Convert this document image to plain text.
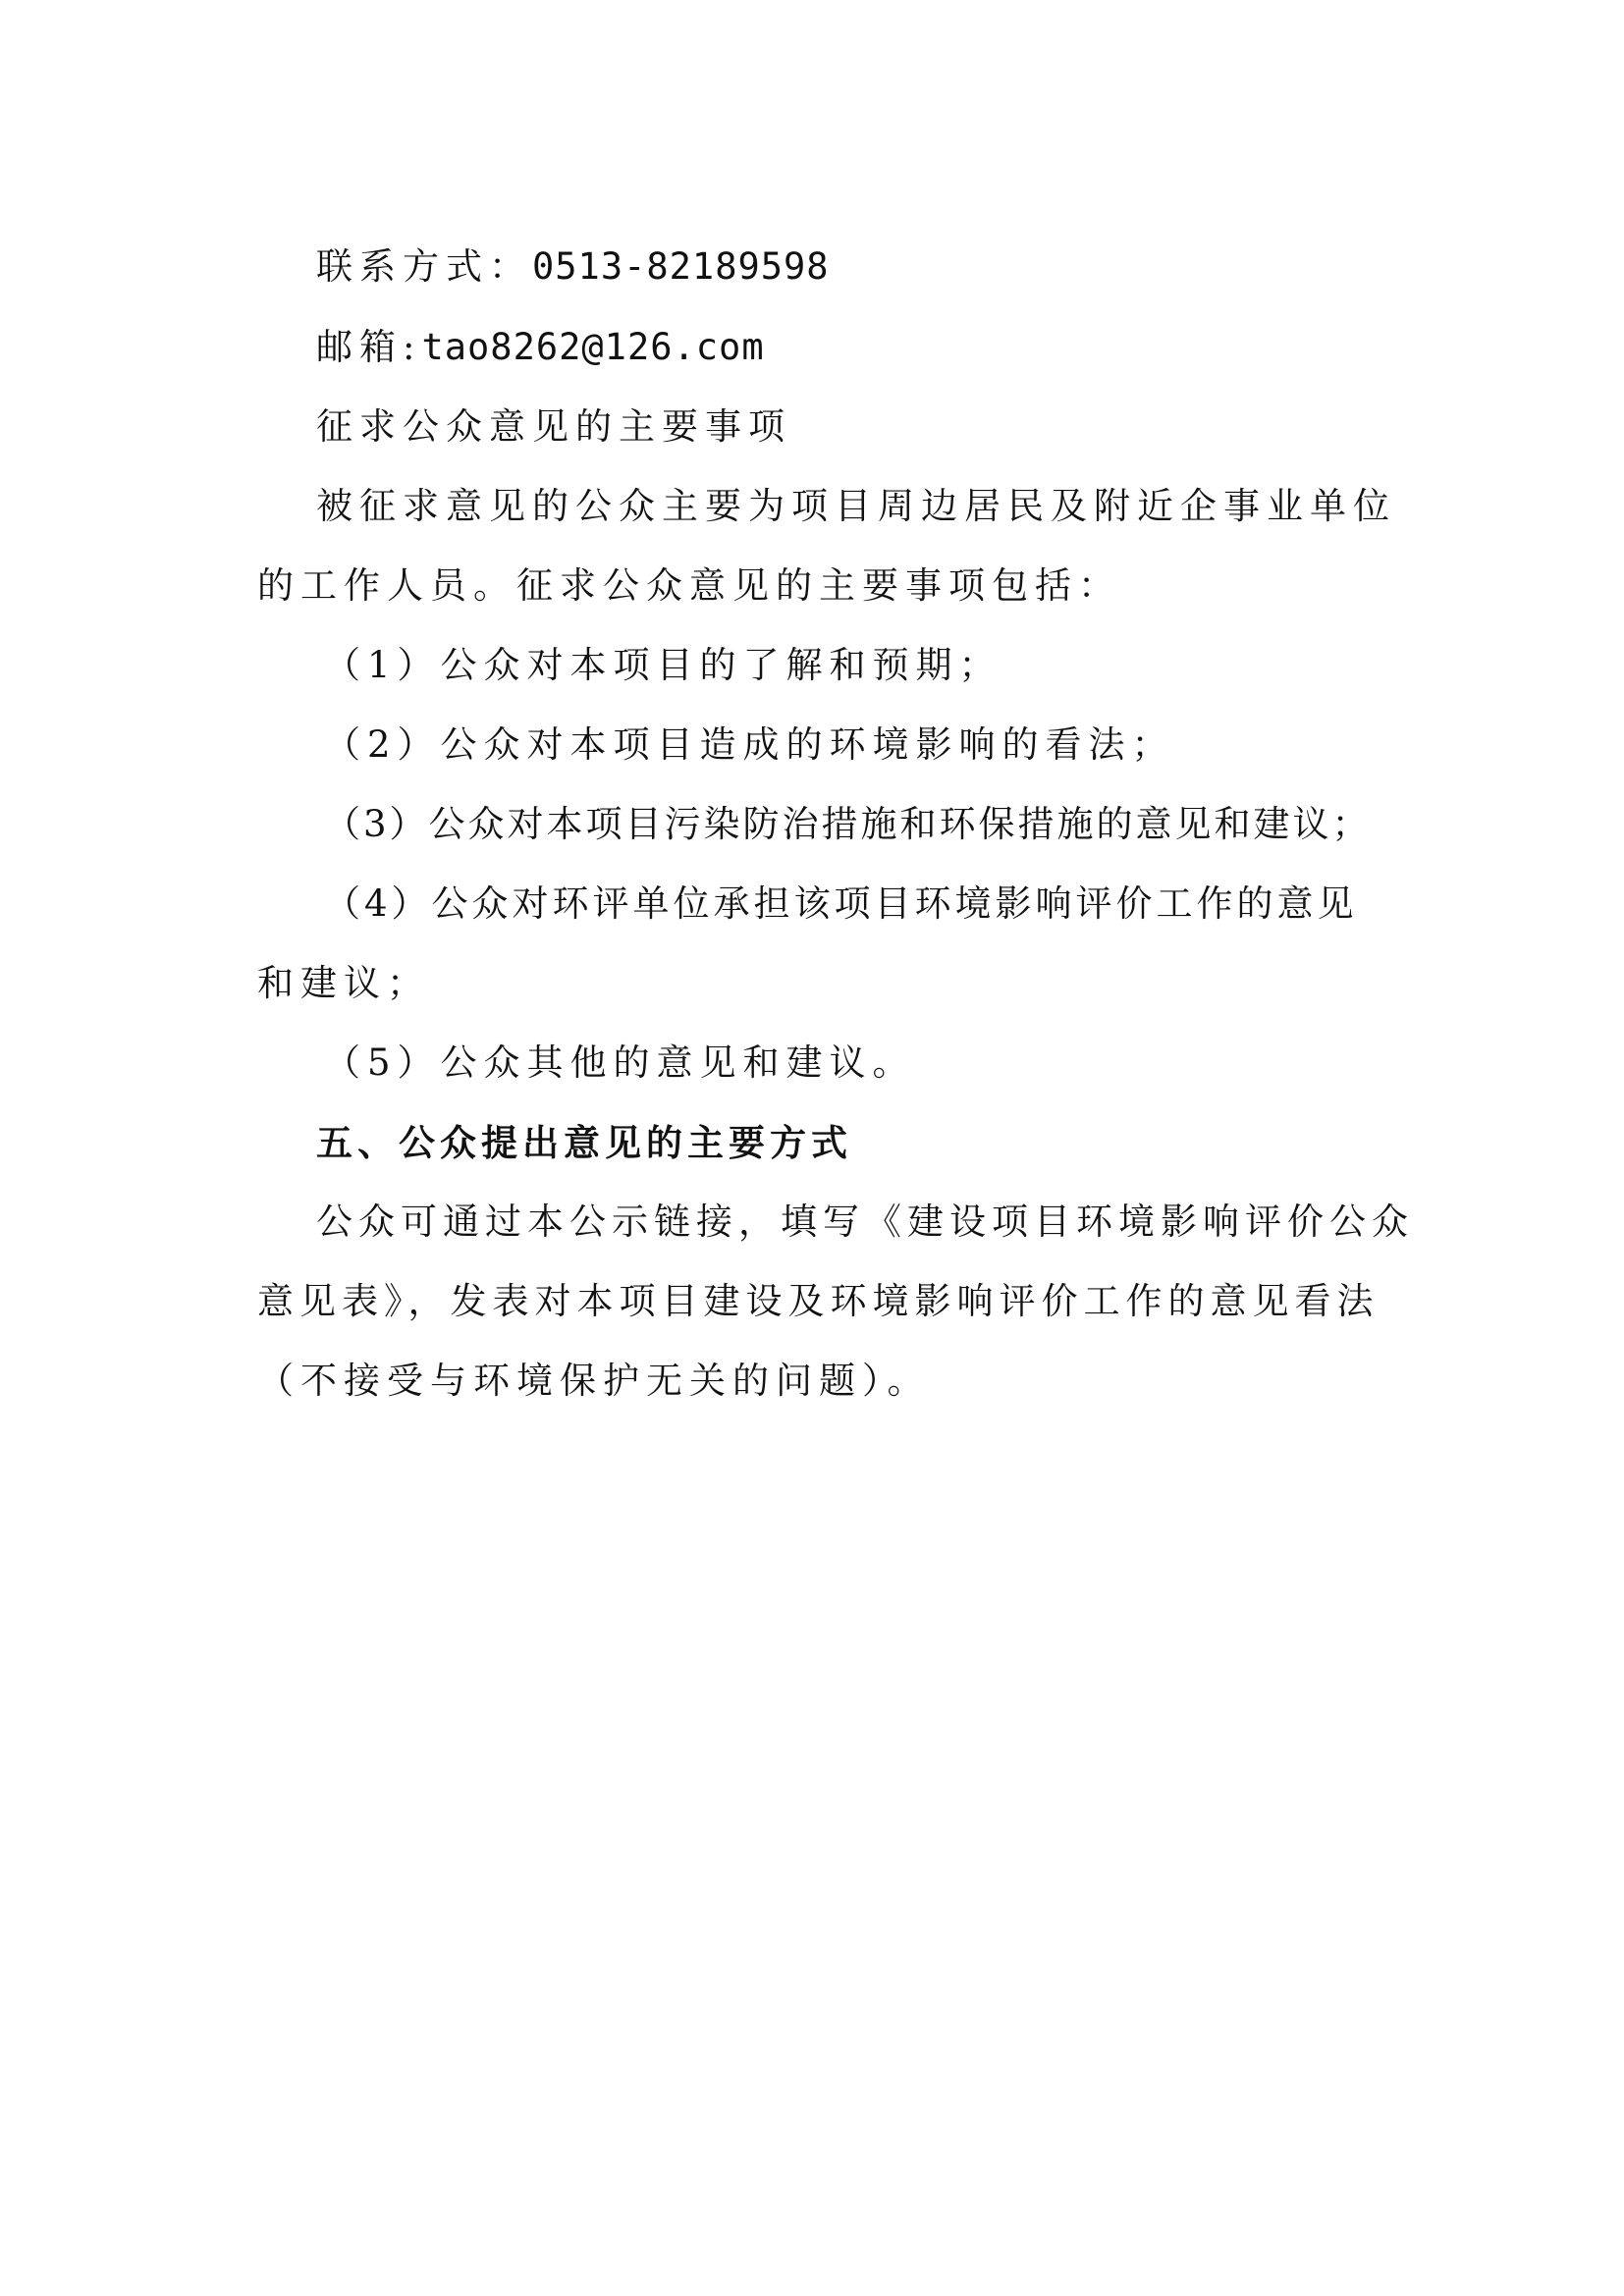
联系方式：0513-82189598
邮箱:tao8262@126.com
征求公众意见的主要事项
被征求意见的公众主要为项目周边居民及附近企事业单位
的工作人员。征求公众意见的主要事项包括：
（1）公众对本项目的了解和预期；
（2）公众对本项目造成的环境影响的看法；
（3）公众对本项目污染防治措施和环保措施的意见和建议；
（4）公众对环评单位承担该项目环境影响评价工作的意见
和建议；
（5）公众其他的意见和建议。
五、公众提出意见的主要方式
公众可通过本公示链接，填写《建设项目环境影响评价公众
意见表》，发表对本项目建设及环境影响评价工作的意见看法
（不接受与环境保护无关的问题）。
